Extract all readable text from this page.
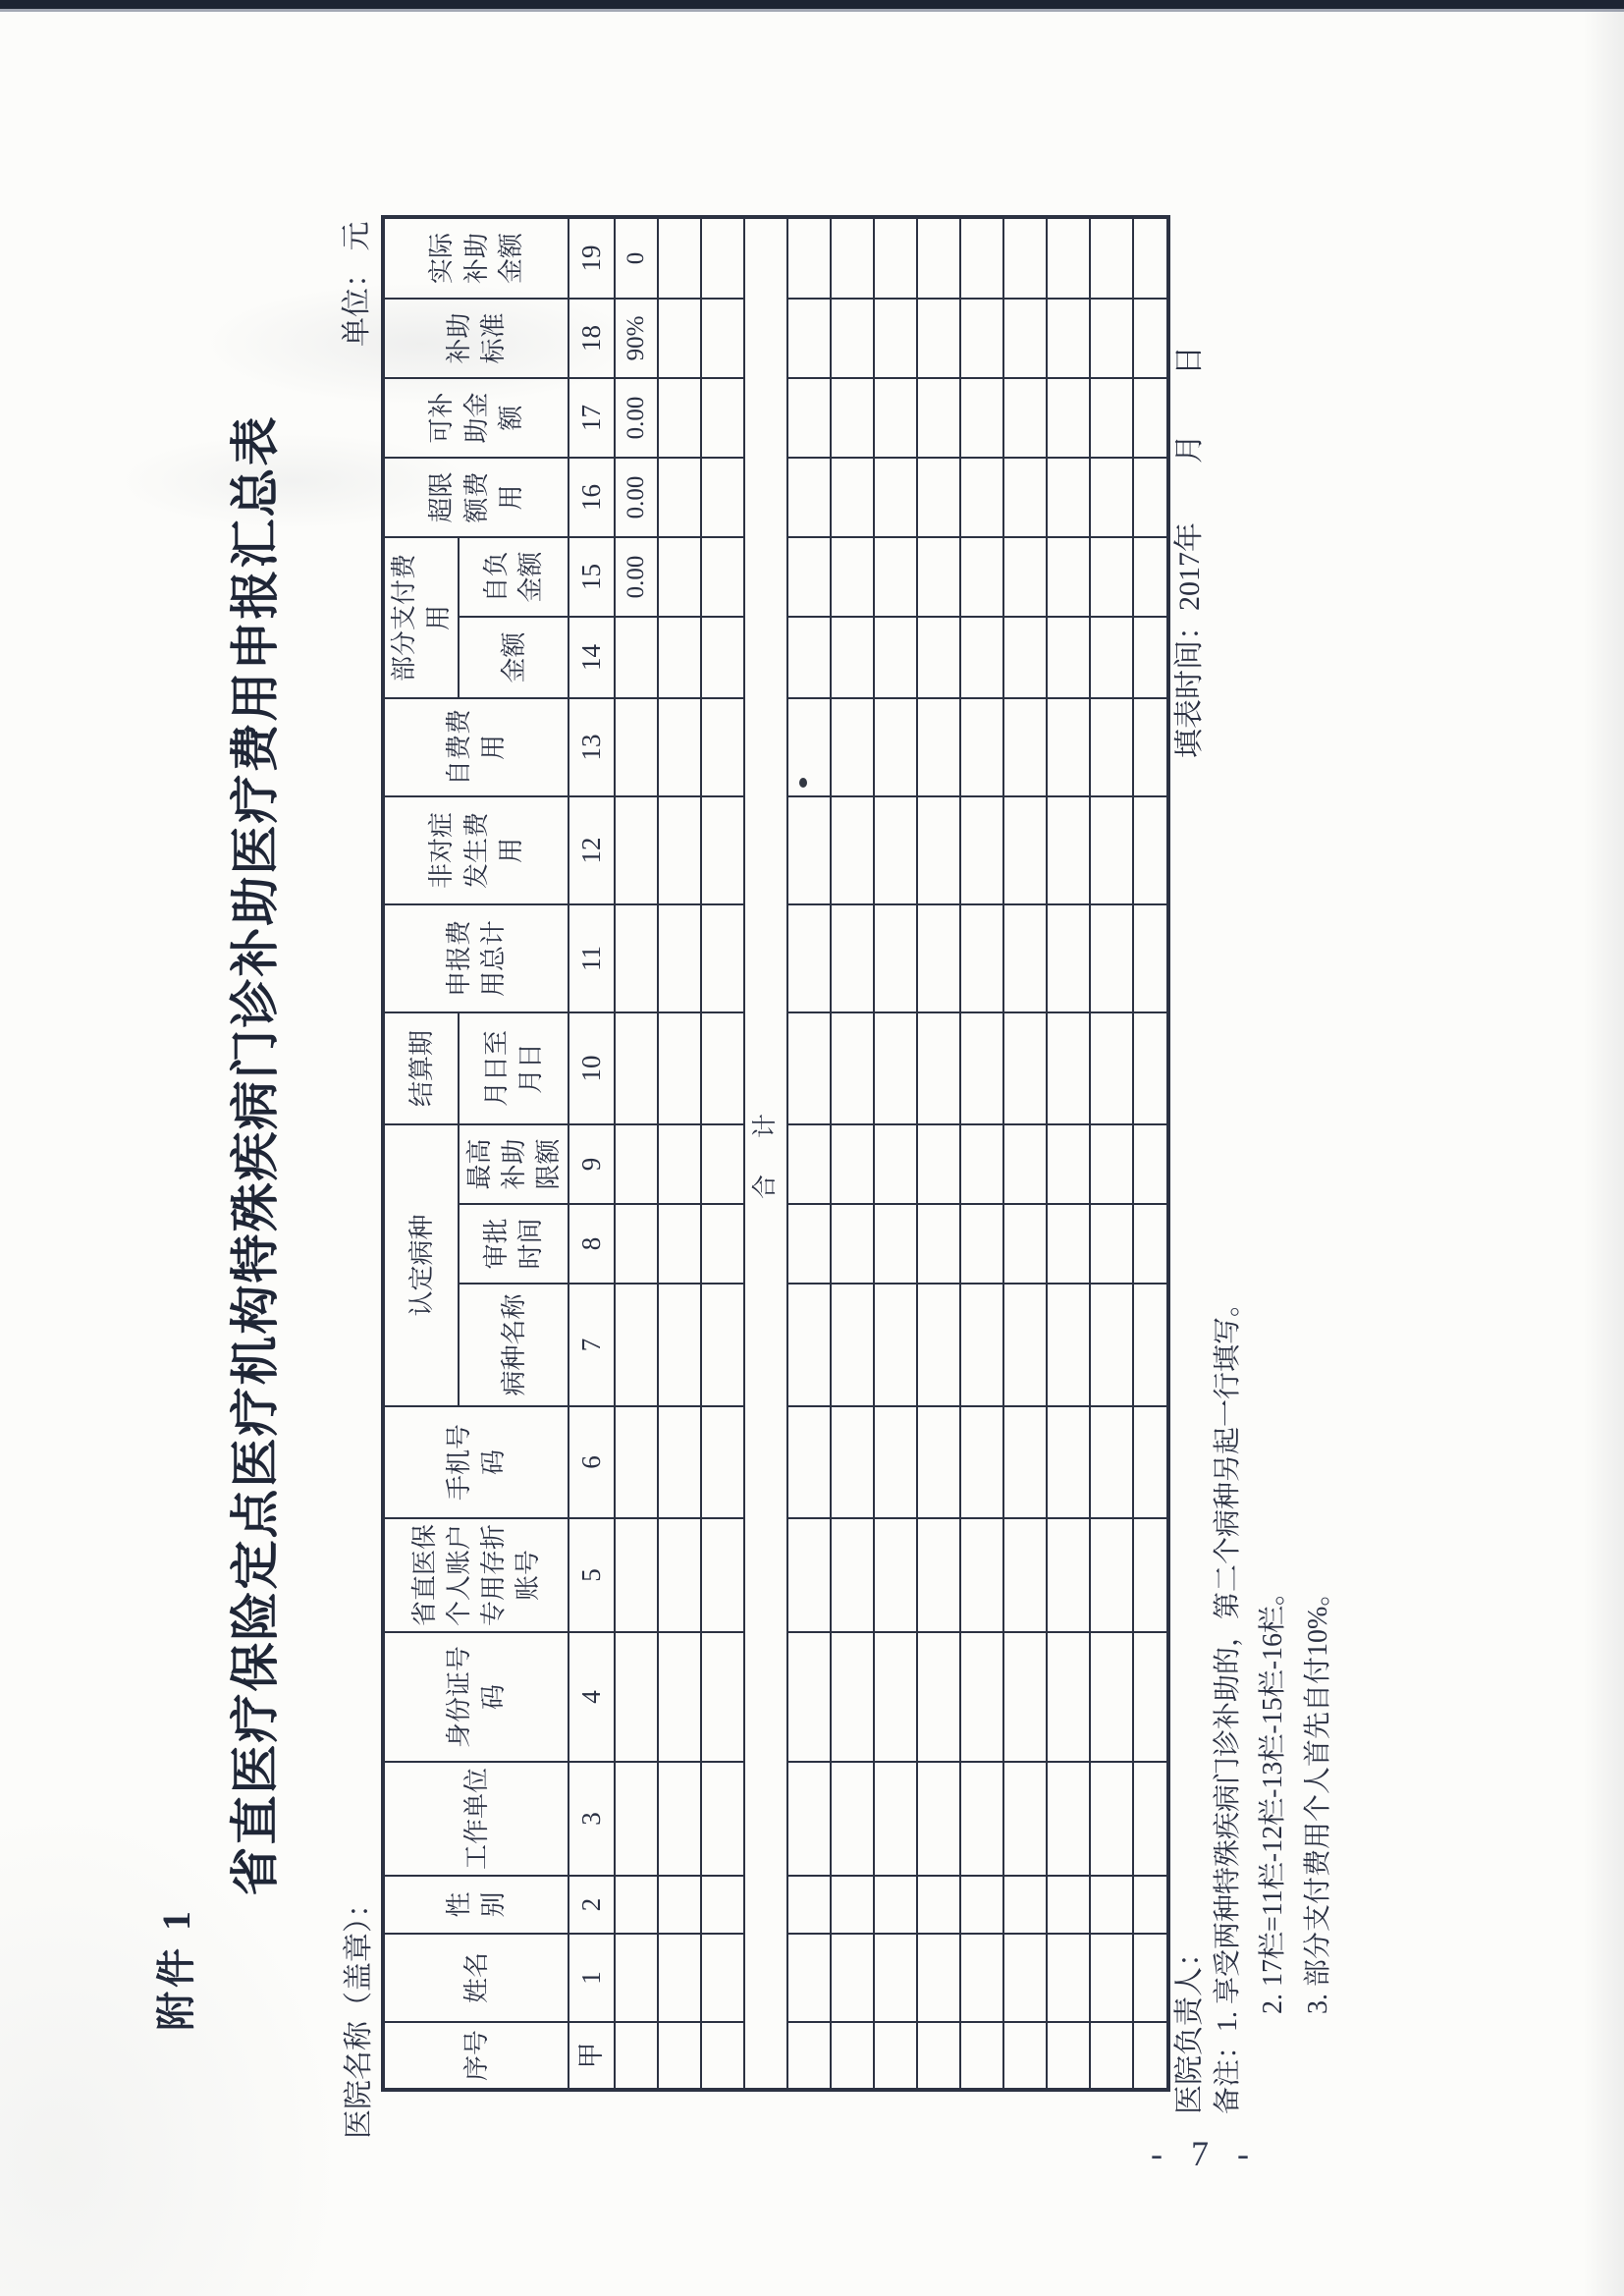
附件 1
省直医疗保险定点医疗机构特殊疾病门诊补助医疗费用申报汇总表
医院名称（盖章）：
单位： 元
序号	姓名	性别	工作单位	身份证号码	省直医保个人账户专用存折账号	手机号码	认定病种			结算期	申报费用总计	非对症发生费用	自费费用	部分支付费用		超限额费用	可补助金额	补助标准	实际补助金额
							病种名称	审批时间	最高补助限额	月日至月日				金额	自负金额				
甲	1	2	3	4	5	6	7	8	9	10	11	12	13	14	15	16	17	18	19
															0.00	0.00	0.00	90%	0

合　计																			

医院负责人：
填表时间：2017年　　月　　日
备注：1. 享受两种特殊疾病门诊补助的，第二个病种另起一行填写。 2. 17栏=11栏-12栏-13栏-15栏-16栏。 3. 部分支付费用个人首先自付10%。
- 7 -
